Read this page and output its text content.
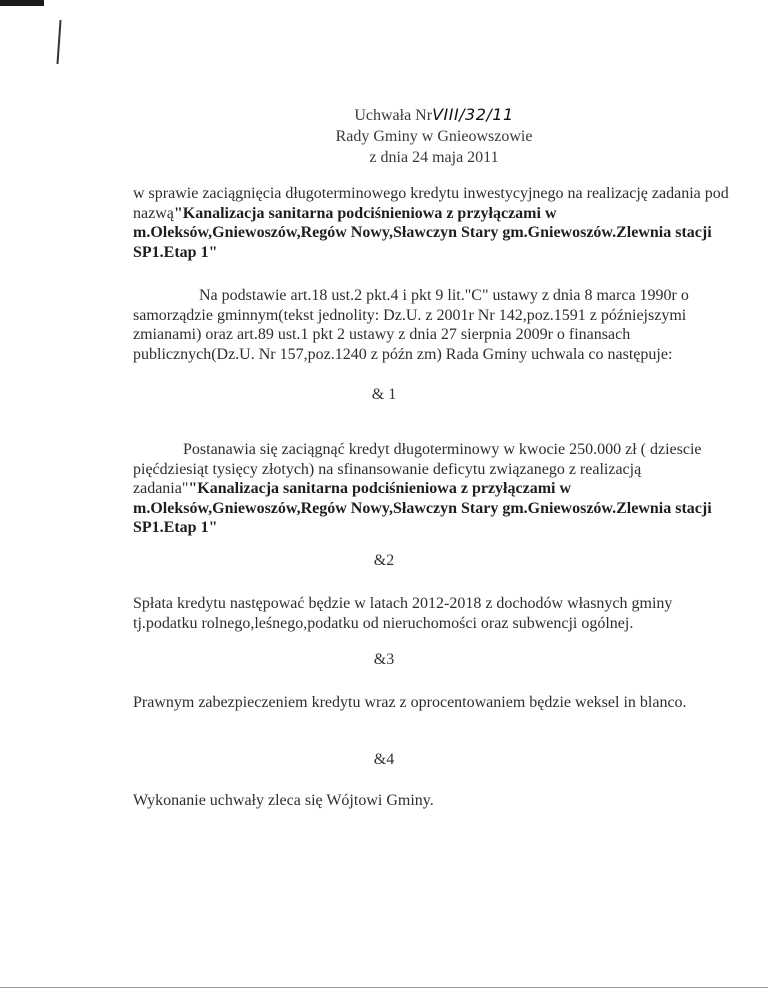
Uchwała NrVIII/32/11
Rady Gminy w Gnieowszowie
z dnia 24 maja 2011

w sprawie zaciągnięcia długoterminowego kredytu inwestycyjnego na realizację zadania pod nazwą"Kanalizacja sanitarna podciśnieniowa z przyłączami w m.Oleksów,Gniewoszów,Regów Nowy,Sławczyn Stary gm.Gniewoszów.Zlewnia stacji SP1.Etap 1"

Na podstawie art.18 ust.2 pkt.4 i pkt 9 lit."C" ustawy z dnia 8 marca 1990r o samorządzie gminnym(tekst jednolity: Dz.U. z 2001r Nr 142,poz.1591 z późniejszymi zmianami) oraz art.89 ust.1 pkt 2 ustawy z dnia 27 sierpnia 2009r o finansach publicznych(Dz.U. Nr 157,poz.1240 z późn zm) Rada Gminy uchwala co następuje:

& 1

Postanawia się zaciągnąć kredyt długoterminowy w kwocie 250.000 zł ( dziescie pięćdziesiąt tysięcy złotych) na sfinansowanie deficytu związanego z realizacją zadania""Kanalizacja sanitarna podciśnieniowa z przyłączami w m.Oleksów,Gniewoszów,Regów Nowy,Sławczyn Stary gm.Gniewoszów.Zlewnia stacji SP1.Etap 1"

&2

Spłata kredytu następować będzie w latach 2012-2018 z dochodów własnych gminy tj.podatku rolnego,leśnego,podatku od nieruchomości oraz subwencji ogólnej.

&3

Prawnym zabezpieczeniem kredytu wraz z oprocentowaniem będzie weksel in blanco.

&4

Wykonanie uchwały zleca się Wójtowi Gminy.
